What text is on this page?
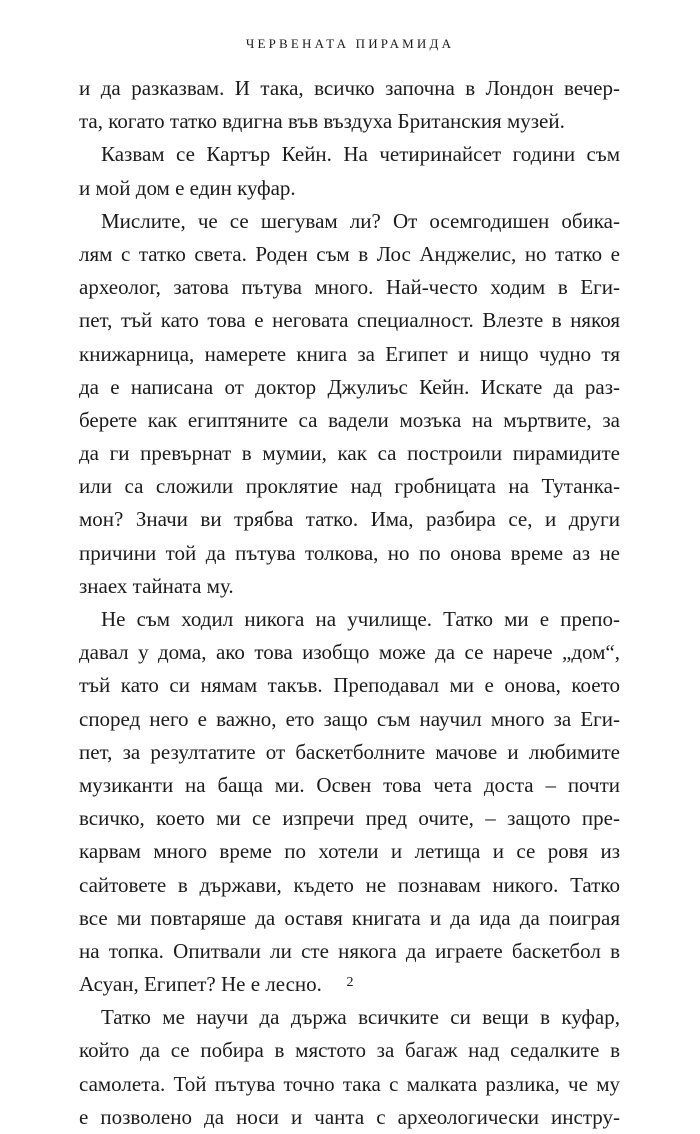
ЧЕРВЕНАТА ПИРАМИДА
и да разказвам. И така, всичко започна в Лондон вечер-
та, когато татко вдигна във въздуха Британския музей.
Казвам се Картър Кейн. На четиринайсет години съм
и мой дом е един куфар.
Мислите, че се шегувам ли? От осемгодишен обика-
лям с татко света. Роден съм в Лос Анджелис, но татко е
археолог, затова пътува много. Най-често ходим в Еги-
пет, тъй като това е неговата специалност. Влезте в някоя
книжарница, намерете книга за Египет и нищо чудно тя
да е написана от доктор Джулиъс Кейн. Искате да раз-
берете как египтяните са вадели мозъка на мъртвите, за
да ги превърнат в мумии, как са построили пирамидите
или са сложили проклятие над гробницата на Тутанка-
мон? Значи ви трябва татко. Има, разбира се, и други
причини той да пътува толкова, но по онова време аз не
знаех тайната му.
Не съм ходил никога на училище. Татко ми е препо-
давал у дома, ако това изобщо може да се нарече „дом“,
тъй като си нямам такъв. Преподавал ми е онова, което
според него е важно, ето защо съм научил много за Еги-
пет, за резултатите от баскетболните мачове и любимите
музиканти на баща ми. Освен това чета доста – почти
всичко, което ми се изпречи пред очите, – защото пре-
карвам много време по хотели и летища и се ровя из
сайтовете в държави, където не познавам никого. Татко
все ми повтаряше да оставя книгата и да ида да поиграя
на топка. Опитвали ли сте някога да играете баскетбол в
Асуан, Египет? Не е лесно.
Татко ме научи да държа всичките си вещи в куфар,
който да се побира в мястото за багаж над седалките в
самолета. Той пътува точно така с малката разлика, че му
е позволено да носи и чанта с археологически инстру-
2
